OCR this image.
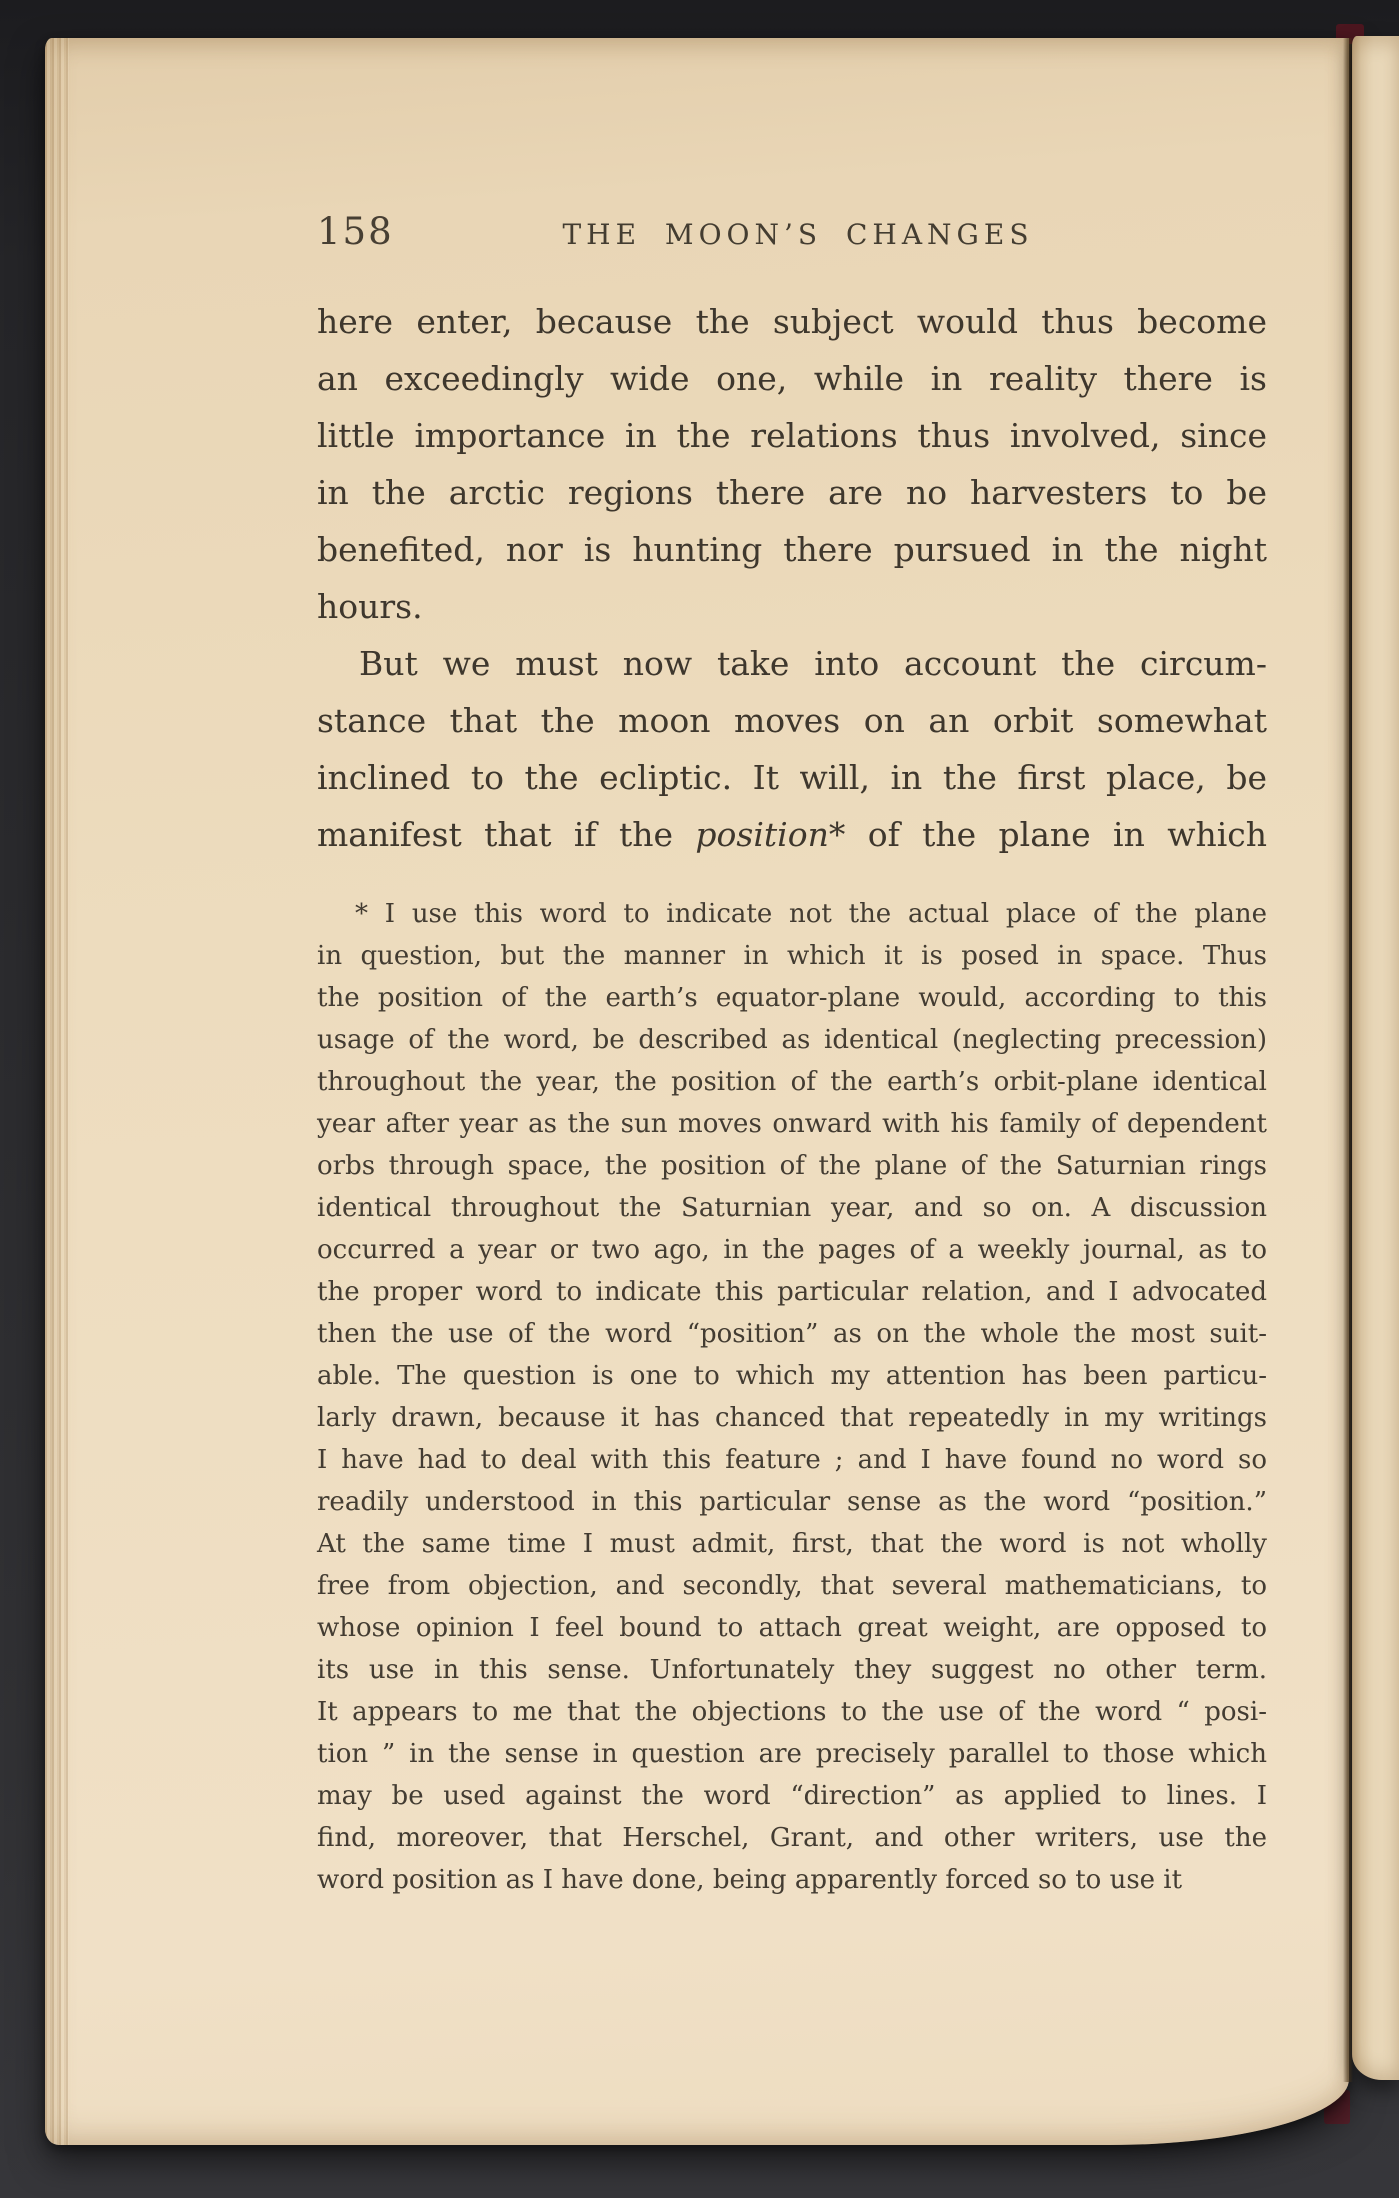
158	THE MOON’S CHANGES
here enter, because the subject would thus become
an exceedingly wide one, while in reality there is
little importance in the relations thus involved, since
in the arctic regions there are no harvesters to be
benefited, nor is hunting there pursued in the night
hours.
But we must now take into account the circum-
stance that the moon moves on an orbit somewhat
inclined to the ecliptic. It will, in the first place, be
manifest that if the position* of the plane in which
* I use this word to indicate not the actual place of the plane
in question, but the manner in which it is posed in space. Thus
the position of the earth’s equator-plane would, according to this
usage of the word, be described as identical (neglecting precession)
throughout the year, the position of the earth’s orbit-plane identical
year after year as the sun moves onward with his family of dependent
orbs through space, the position of the plane of the Saturnian rings
identical throughout the Saturnian year, and so on. A discussion
occurred a year or two ago, in the pages of a weekly journal, as to
the proper word to indicate this particular relation, and I advocated
then the use of the word “position” as on the whole the most suit-
able. The question is one to which my attention has been particu-
larly drawn, because it has chanced that repeatedly in my writings
I have had to deal with this feature ; and I have found no word so
readily understood in this particular sense as the word “position.”
At the same time I must admit, first, that the word is not wholly
free from objection, and secondly, that several mathematicians, to
whose opinion I feel bound to attach great weight, are opposed to
its use in this sense. Unfortunately they suggest no other term.
It appears to me that the objections to the use of the word “ posi-
tion ” in the sense in question are precisely parallel to those which
may be used against the word “direction” as applied to lines. I
find, moreover, that Herschel, Grant, and other writers, use the
word position as I have done, being apparently forced so to use it
